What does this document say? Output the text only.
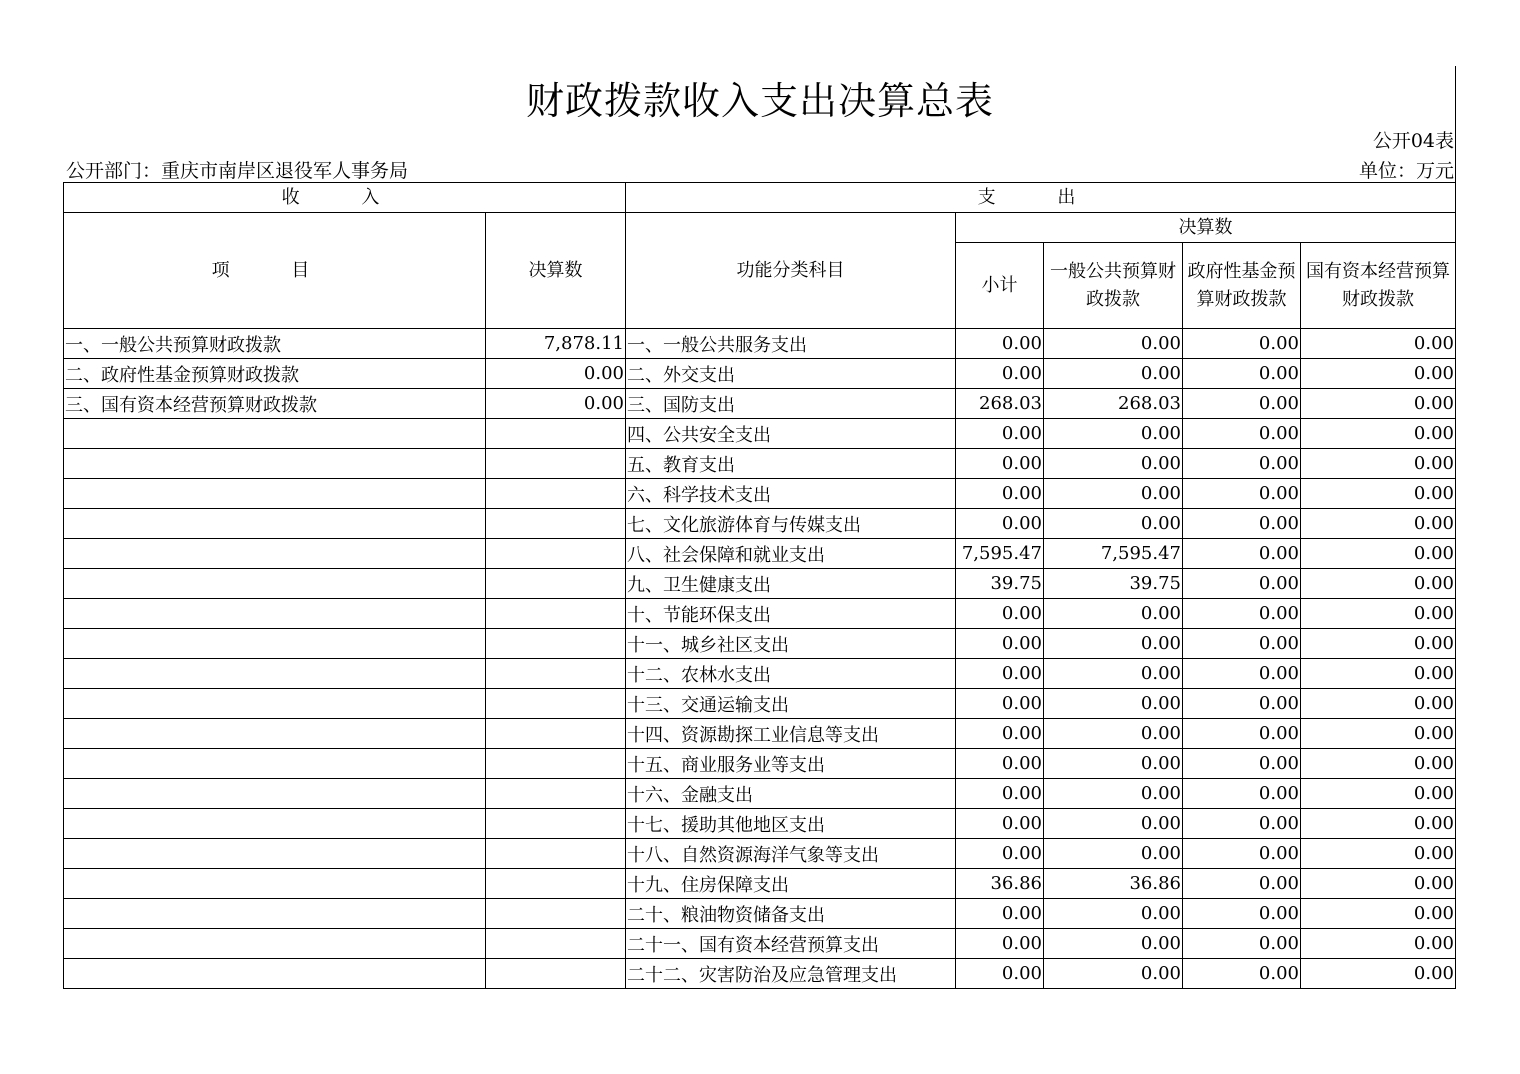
财政拨款收入支出决算总表
公开04表
公开部门：重庆市南岸区退役军人事务局	单位：万元
收 入		支 出				
项 目	决算数	功能分类科目	决算数			
			小计	一般公共预算财政拨款	政府性基金预算财政拨款	国有资本经营预算财政拨款
一、一般公共预算财政拨款	7,878.11	一、一般公共服务支出	0.00	0.00	0.00	0.00
二、政府性基金预算财政拨款	0.00	二、外交支出	0.00	0.00	0.00	0.00
三、国有资本经营预算财政拨款	0.00	三、国防支出	268.03	268.03	0.00	0.00
		四、公共安全支出	0.00	0.00	0.00	0.00
		五、教育支出	0.00	0.00	0.00	0.00
		六、科学技术支出	0.00	0.00	0.00	0.00
		七、文化旅游体育与传媒支出	0.00	0.00	0.00	0.00
		八、社会保障和就业支出	7,595.47	7,595.47	0.00	0.00
		九、卫生健康支出	39.75	39.75	0.00	0.00
		十、节能环保支出	0.00	0.00	0.00	0.00
		十一、城乡社区支出	0.00	0.00	0.00	0.00
		十二、农林水支出	0.00	0.00	0.00	0.00
		十三、交通运输支出	0.00	0.00	0.00	0.00
		十四、资源勘探工业信息等支出	0.00	0.00	0.00	0.00
		十五、商业服务业等支出	0.00	0.00	0.00	0.00
		十六、金融支出	0.00	0.00	0.00	0.00
		十七、援助其他地区支出	0.00	0.00	0.00	0.00
		十八、自然资源海洋气象等支出	0.00	0.00	0.00	0.00
		十九、住房保障支出	36.86	36.86	0.00	0.00
		二十、粮油物资储备支出	0.00	0.00	0.00	0.00
		二十一、国有资本经营预算支出	0.00	0.00	0.00	0.00
		二十二、灾害防治及应急管理支出	0.00	0.00	0.00	0.00
